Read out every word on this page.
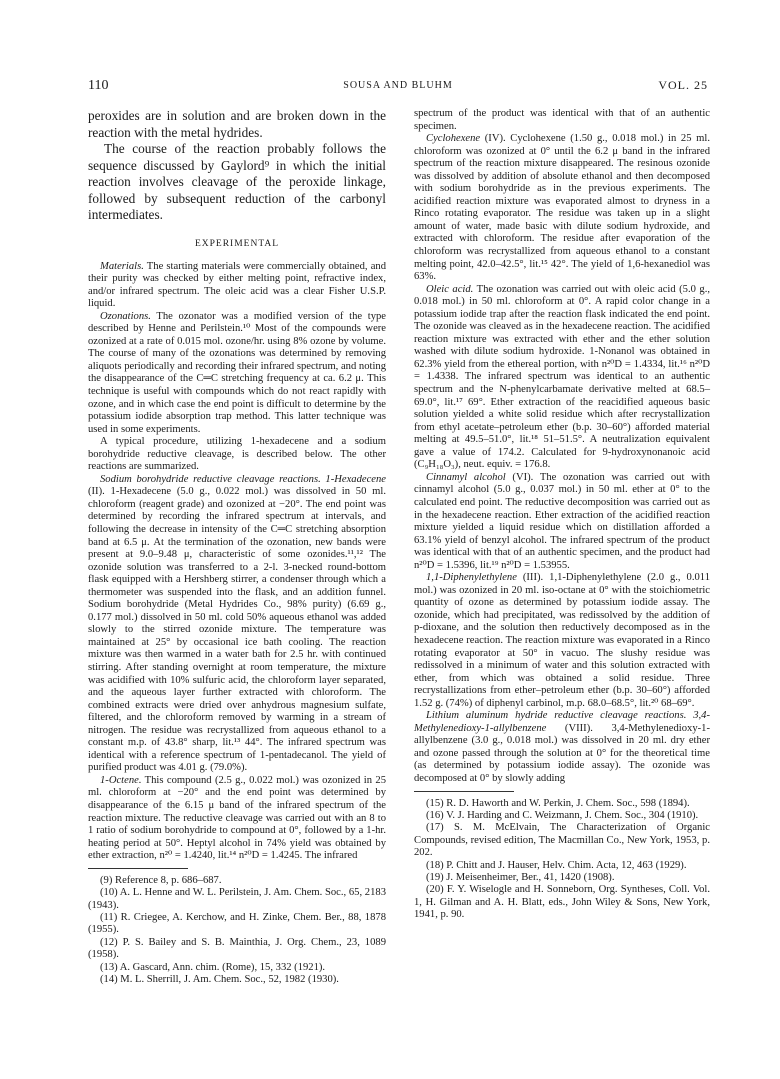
110	SOUSA AND BLUHM	VOL. 25

peroxides are in solution and are broken down in the reaction with the metal hydrides.

The course of the reaction probably follows the sequence discussed by Gaylord⁹ in which the initial reaction involves cleavage of the peroxide linkage, followed by subsequent reduction of the carbonyl intermediates.

EXPERIMENTAL

Materials. The starting materials were commercially obtained, and their purity was checked by either melting point, refractive index, and/or infrared spectrum. The oleic acid was a clear Fisher U.S.P. liquid.

Ozonations. The ozonator was a modified version of the type described by Henne and Perilstein.¹⁰ Most of the compounds were ozonized at a rate of 0.015 mol. ozone/hr. using 8% ozone by volume. The course of many of the ozonations was determined by removing aliquots periodically and recording their infrared spectrum, and noting the disappearance of the C═C stretching frequency at ca. 6.2 μ. This technique is useful with compounds which do not react rapidly with ozone, and in which case the end point is difficult to determine by the potassium iodide absorption trap method. This latter technique was used in some experiments.

A typical procedure, utilizing 1-hexadecene and a sodium borohydride reductive cleavage, is described below. The other reactions are summarized.

Sodium borohydride reductive cleavage reactions. 1-Hexadecene (II). 1-Hexadecene (5.0 g., 0.022 mol.) was dissolved in 50 ml. chloroform (reagent grade) and ozonized at −20°. The end point was determined by recording the infrared spectrum at intervals, and following the decrease in intensity of the C═C stretching absorption band at 6.5 μ. At the termination of the ozonation, new bands were present at 9.0–9.48 μ, characteristic of some ozonides.¹¹,¹² The ozonide solution was transferred to a 2-l. 3-necked round-bottom flask equipped with a Hershberg stirrer, a condenser through which a thermometer was suspended into the flask, and an addition funnel. Sodium borohydride (Metal Hydrides Co., 98% purity) (6.69 g., 0.177 mol.) dissolved in 50 ml. cold 50% aqueous ethanol was added slowly to the stirred ozonide mixture. The temperature was maintained at 25° by occasional ice bath cooling. The reaction mixture was then warmed in a water bath for 2.5 hr. with continued stirring. After standing overnight at room temperature, the mixture was acidified with 10% sulfuric acid, the chloroform layer separated, and the aqueous layer further extracted with chloroform. The combined extracts were dried over anhydrous magnesium sulfate, filtered, and the chloroform removed by warming in a stream of nitrogen. The residue was recrystallized from aqueous ethanol to a constant m.p. of 43.8° sharp, lit.¹³ 44°. The infrared spectrum was identical with a reference spectrum of 1-pentadecanol. The yield of purified product was 4.01 g. (79.0%).

1-Octene. This compound (2.5 g., 0.022 mol.) was ozonized in 25 ml. chloroform at −20° and the end point was determined by disappearance of the 6.15 μ band of the infrared spectrum of the reaction mixture. The reductive cleavage was carried out with an 8 to 1 ratio of sodium borohydride to compound at 0°, followed by a 1-hr. heating period at 50°. Heptyl alcohol in 74% yield was obtained by ether extraction, n²⁰ = 1.4240, lit.¹⁴ n²⁰D = 1.4245. The infrared

(9) Reference 8, p. 686–687.

(10) A. L. Henne and W. L. Perilstein, J. Am. Chem. Soc., 65, 2183 (1943).

(11) R. Criegee, A. Kerchow, and H. Zinke, Chem. Ber., 88, 1878 (1955).

(12) P. S. Bailey and S. B. Mainthia, J. Org. Chem., 23, 1089 (1958).

(13) A. Gascard, Ann. chim. (Rome), 15, 332 (1921).

(14) M. L. Sherrill, J. Am. Chem. Soc., 52, 1982 (1930).

spectrum of the product was identical with that of an authentic specimen.

Cyclohexene (IV). Cyclohexene (1.50 g., 0.018 mol.) in 25 ml. chloroform was ozonized at 0° until the 6.2 μ band in the infrared spectrum of the reaction mixture disappeared. The resinous ozonide was dissolved by addition of absolute ethanol and then decomposed with sodium borohydride as in the previous experiments. The acidified reaction mixture was evaporated almost to dryness in a Rinco rotating evaporator. The residue was taken up in a slight amount of water, made basic with dilute sodium hydroxide, and extracted with chloroform. The residue after evaporation of the chloroform was recrystallized from aqueous ethanol to a constant melting point, 42.0–42.5°, lit.¹⁵ 42°. The yield of 1,6-hexanediol was 63%.

Oleic acid. The ozonation was carried out with oleic acid (5.0 g., 0.018 mol.) in 50 ml. chloroform at 0°. A rapid color change in a potassium iodide trap after the reaction flask indicated the end point. The ozonide was cleaved as in the hexadecene reaction. The acidified reaction mixture was extracted with ether and the ether solution washed with dilute sodium hydroxide. 1-Nonanol was obtained in 62.3% yield from the ethereal portion, with n²⁰D = 1.4334, lit.¹⁶ n²⁰D = 1.4338. The infrared spectrum was identical to an authentic spectrum and the N-phenylcarbamate derivative melted at 68.5–69.0°, lit.¹⁷ 69°. Ether extraction of the reacidified aqueous basic solution yielded a white solid residue which after recrystallization from ethyl acetate–petroleum ether (b.p. 30–60°) afforded material melting at 49.5–51.0°, lit.¹⁸ 51–51.5°. A neutralization equivalent gave a value of 174.2. Calculated for 9-hydroxynonanoic acid (C₉H₁₈O₃), neut. equiv. = 176.8.

Cinnamyl alcohol (VI). The ozonation was carried out with cinnamyl alcohol (5.0 g., 0.037 mol.) in 50 ml. ether at 0° to the calculated end point. The reductive decomposition was carried out as in the hexadecene reaction. Ether extraction of the acidified reaction mixture yielded a liquid residue which on distillation afforded a 63.1% yield of benzyl alcohol. The infrared spectrum of the product was identical with that of an authentic specimen, and the product had n²⁰D = 1.5396, lit.¹⁹ n²⁰D = 1.53955.

1,1-Diphenylethylene (III). 1,1-Diphenylethylene (2.0 g., 0.011 mol.) was ozonized in 20 ml. iso-octane at 0° with the stoichiometric quantity of ozone as determined by potassium iodide assay. The ozonide, which had precipitated, was redissolved by the addition of p-dioxane, and the solution then reductively decomposed as in the hexadecene reaction. The reaction mixture was evaporated in a Rinco rotating evaporator at 50° in vacuo. The slushy residue was redissolved in a minimum of water and this solution extracted with ether, from which was obtained a solid residue. Three recrystallizations from ether–petroleum ether (b.p. 30–60°) afforded 1.52 g. (74%) of diphenyl carbinol, m.p. 68.0–68.5°, lit.²⁰ 68–69°.

Lithium aluminum hydride reductive cleavage reactions. 3,4-Methylenedioxy-1-allylbenzene (VIII). 3,4-Methylenedioxy-1-allylbenzene (3.0 g., 0.018 mol.) was dissolved in 20 ml. dry ether and ozone passed through the solution at 0° for the theoretical time (as determined by potassium iodide assay). The ozonide was decomposed at 0° by slowly adding

(15) R. D. Haworth and W. Perkin, J. Chem. Soc., 598 (1894).

(16) V. J. Harding and C. Weizmann, J. Chem. Soc., 304 (1910).

(17) S. M. McElvain, The Characterization of Organic Compounds, revised edition, The Macmillan Co., New York, 1953, p. 202.

(18) P. Chitt and J. Hauser, Helv. Chim. Acta, 12, 463 (1929).

(19) J. Meisenheimer, Ber., 41, 1420 (1908).

(20) F. Y. Wiselogle and H. Sonneborn, Org. Syntheses, Coll. Vol. 1, H. Gilman and A. H. Blatt, eds., John Wiley & Sons, New York, 1941, p. 90.
